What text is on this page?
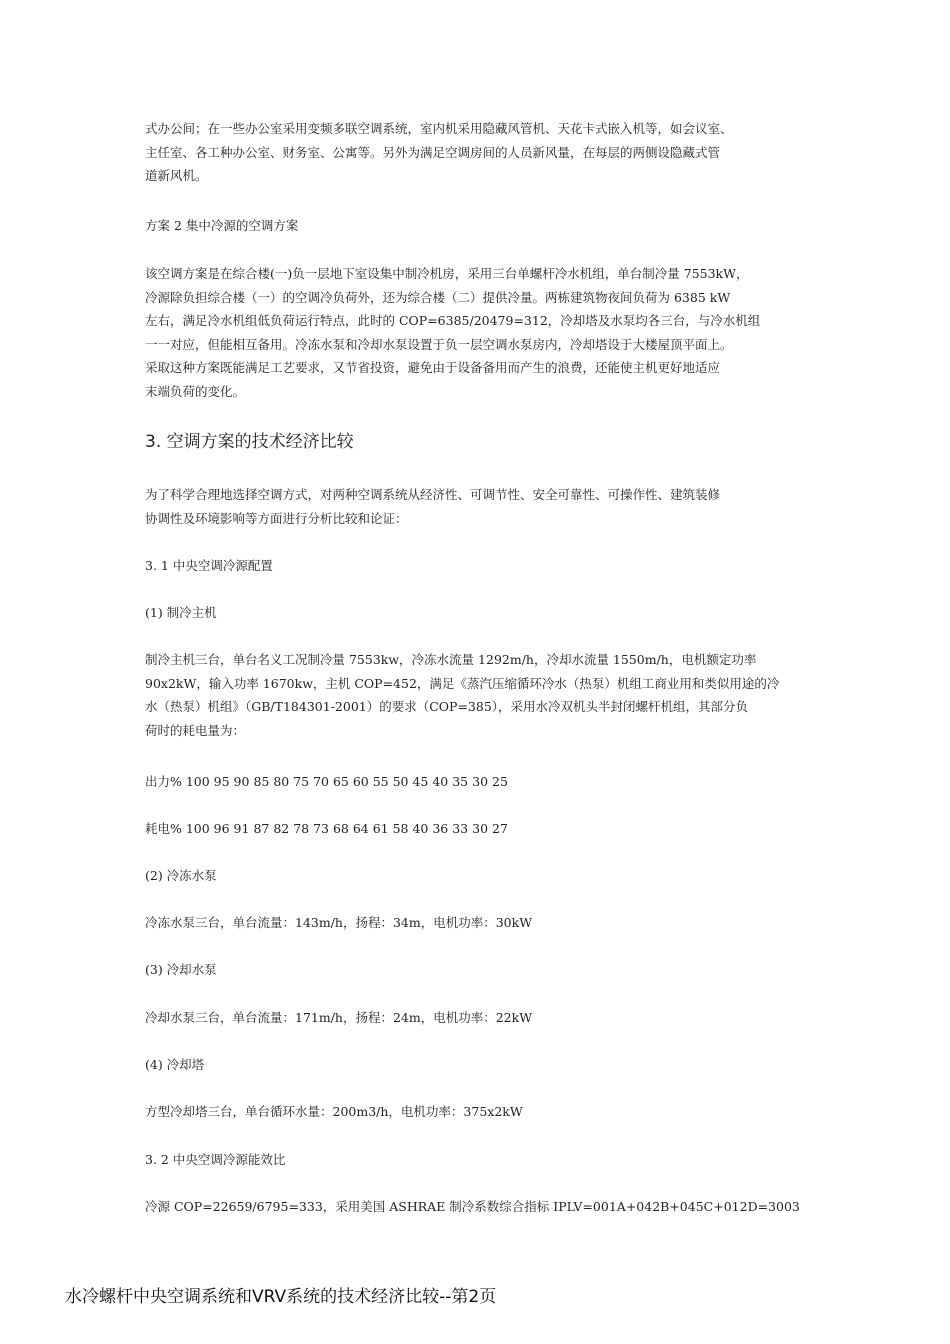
式办公间；在一些办公室采用变频多联空调系统，室内机采用隐藏风管机、天花卡式嵌入机等，如会议室、
主任室、各工种办公室、财务室、公寓等。另外为满足空调房间的人员新风量，在每层的两侧设隐藏式管
道新风机。
方案 2 集中冷源的空调方案
该空调方案是在综合楼(一)负一层地下室设集中制冷机房，采用三台单螺杆冷水机组，单台制冷量 7553kW，
冷源除负担综合楼（一）的空调冷负荷外，还为综合楼（二）提供冷量。两栋建筑物夜间负荷为 6385 kW
左右，满足冷水机组低负荷运行特点，此时的 COP=6385/20479=312，冷却塔及水泵均各三台，与冷水机组
一一对应，但能相互备用。冷冻水泵和冷却水泵设置于负一层空调水泵房内，冷却塔设于大楼屋顶平面上。
采取这种方案既能满足工艺要求，又节省投资，避免由于设备备用而产生的浪费，还能使主机更好地适应
末端负荷的变化。
3. 空调方案的技术经济比较
为了科学合理地选择空调方式，对两种空调系统从经济性、可调节性、安全可靠性、可操作性、建筑装修
协调性及环境影响等方面进行分析比较和论证：
3. 1 中央空调冷源配置
(1) 制冷主机
制冷主机三台，单台名义工况制冷量 7553kw，冷冻水流量 1292m/h，冷却水流量 1550m/h，电机额定功率
90x2kW，输入功率 1670kw，主机 COP=452，满足《蒸汽压缩循环冷水（热泵）机组工商业用和类似用途的冷
水（热泵）机组》（GB/T184301-2001）的要求（COP=385），采用水冷双机头半封闭螺杆机组，其部分负
荷时的耗电量为：
出力% 100 95 90 85 80 75 70 65 60 55 50 45 40 35 30 25
耗电% 100 96 91 87 82 78 73 68 64 61 58 40 36 33 30 27
(2) 冷冻水泵
冷冻水泵三台，单台流量：143m/h，扬程：34m，电机功率：30kW
(3) 冷却水泵
冷却水泵三台，单台流量：171m/h，扬程：24m，电机功率：22kW
(4) 冷却塔
方型冷却塔三台，单台循环水量：200m3/h，电机功率：375x2kW
3. 2 中央空调冷源能效比
冷源 COP=22659/6795=333，采用美国 ASHRAE 制冷系数综合指标 IPLV=001A+042B+045C+012D=3003
水冷螺杆中央空调系统和VRV系统的技术经济比较--第2页
